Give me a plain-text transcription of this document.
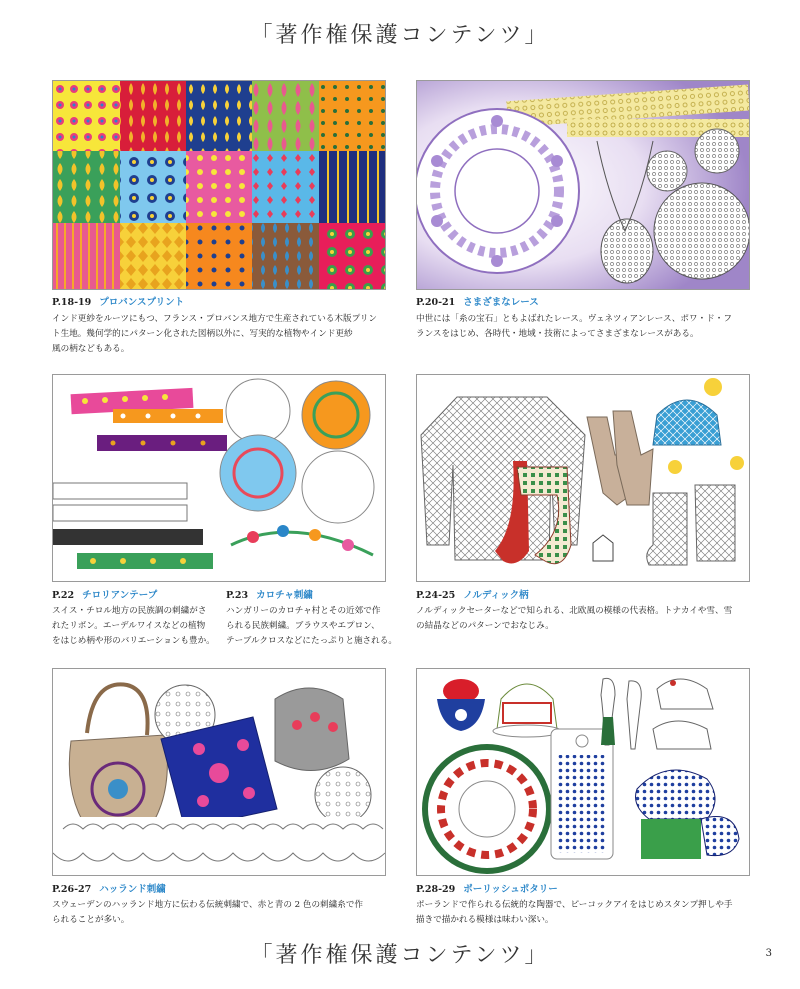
「著作権保護コンテンツ」
P.18-19 プロバンスプリント
インド更紗をルーツにもつ、フランス・プロバンス地方で生産されている木版プリン
ト生地。幾何学的にパターン化された図柄以外に、写実的な植物やインド更紗
風の柄などもある。
P.20-21 さまざまなレース
中世には「糸の宝石」ともよばれたレース。ヴェネツィアンレース、ポワ・ド・フ
ランスをはじめ、各時代・地域・技術によってさまざまなレースがある。
P.22 チロリアンテープ
スイス・チロル地方の民族調の刺繍がさ
れたリボン。エーデルワイスなどの植物
をはじめ柄や形のバリエーションも豊か。
P.23 カロチャ刺繍
ハンガリーのカロチャ村とその近郊で作
られる民族刺繍。ブラウスやエプロン、
テーブルクロスなどにたっぷりと施される。
P.24-25 ノルディック柄
ノルディックセーターなどで知られる、北欧風の模様の代表格。トナカイや雪、雪
の結晶などのパターンでおなじみ。
P.26-27 ハッランド刺繍
スウェーデンのハッランド地方に伝わる伝統刺繍で、赤と青の 2 色の刺繍糸で作
られることが多い。
P.28-29 ポーリッシュポタリー
ポーランドで作られる伝統的な陶器で、ピーコックアイをはじめスタンプ押しや手
描きで描かれる模様は味わい深い。
「著作権保護コンテンツ」	3
